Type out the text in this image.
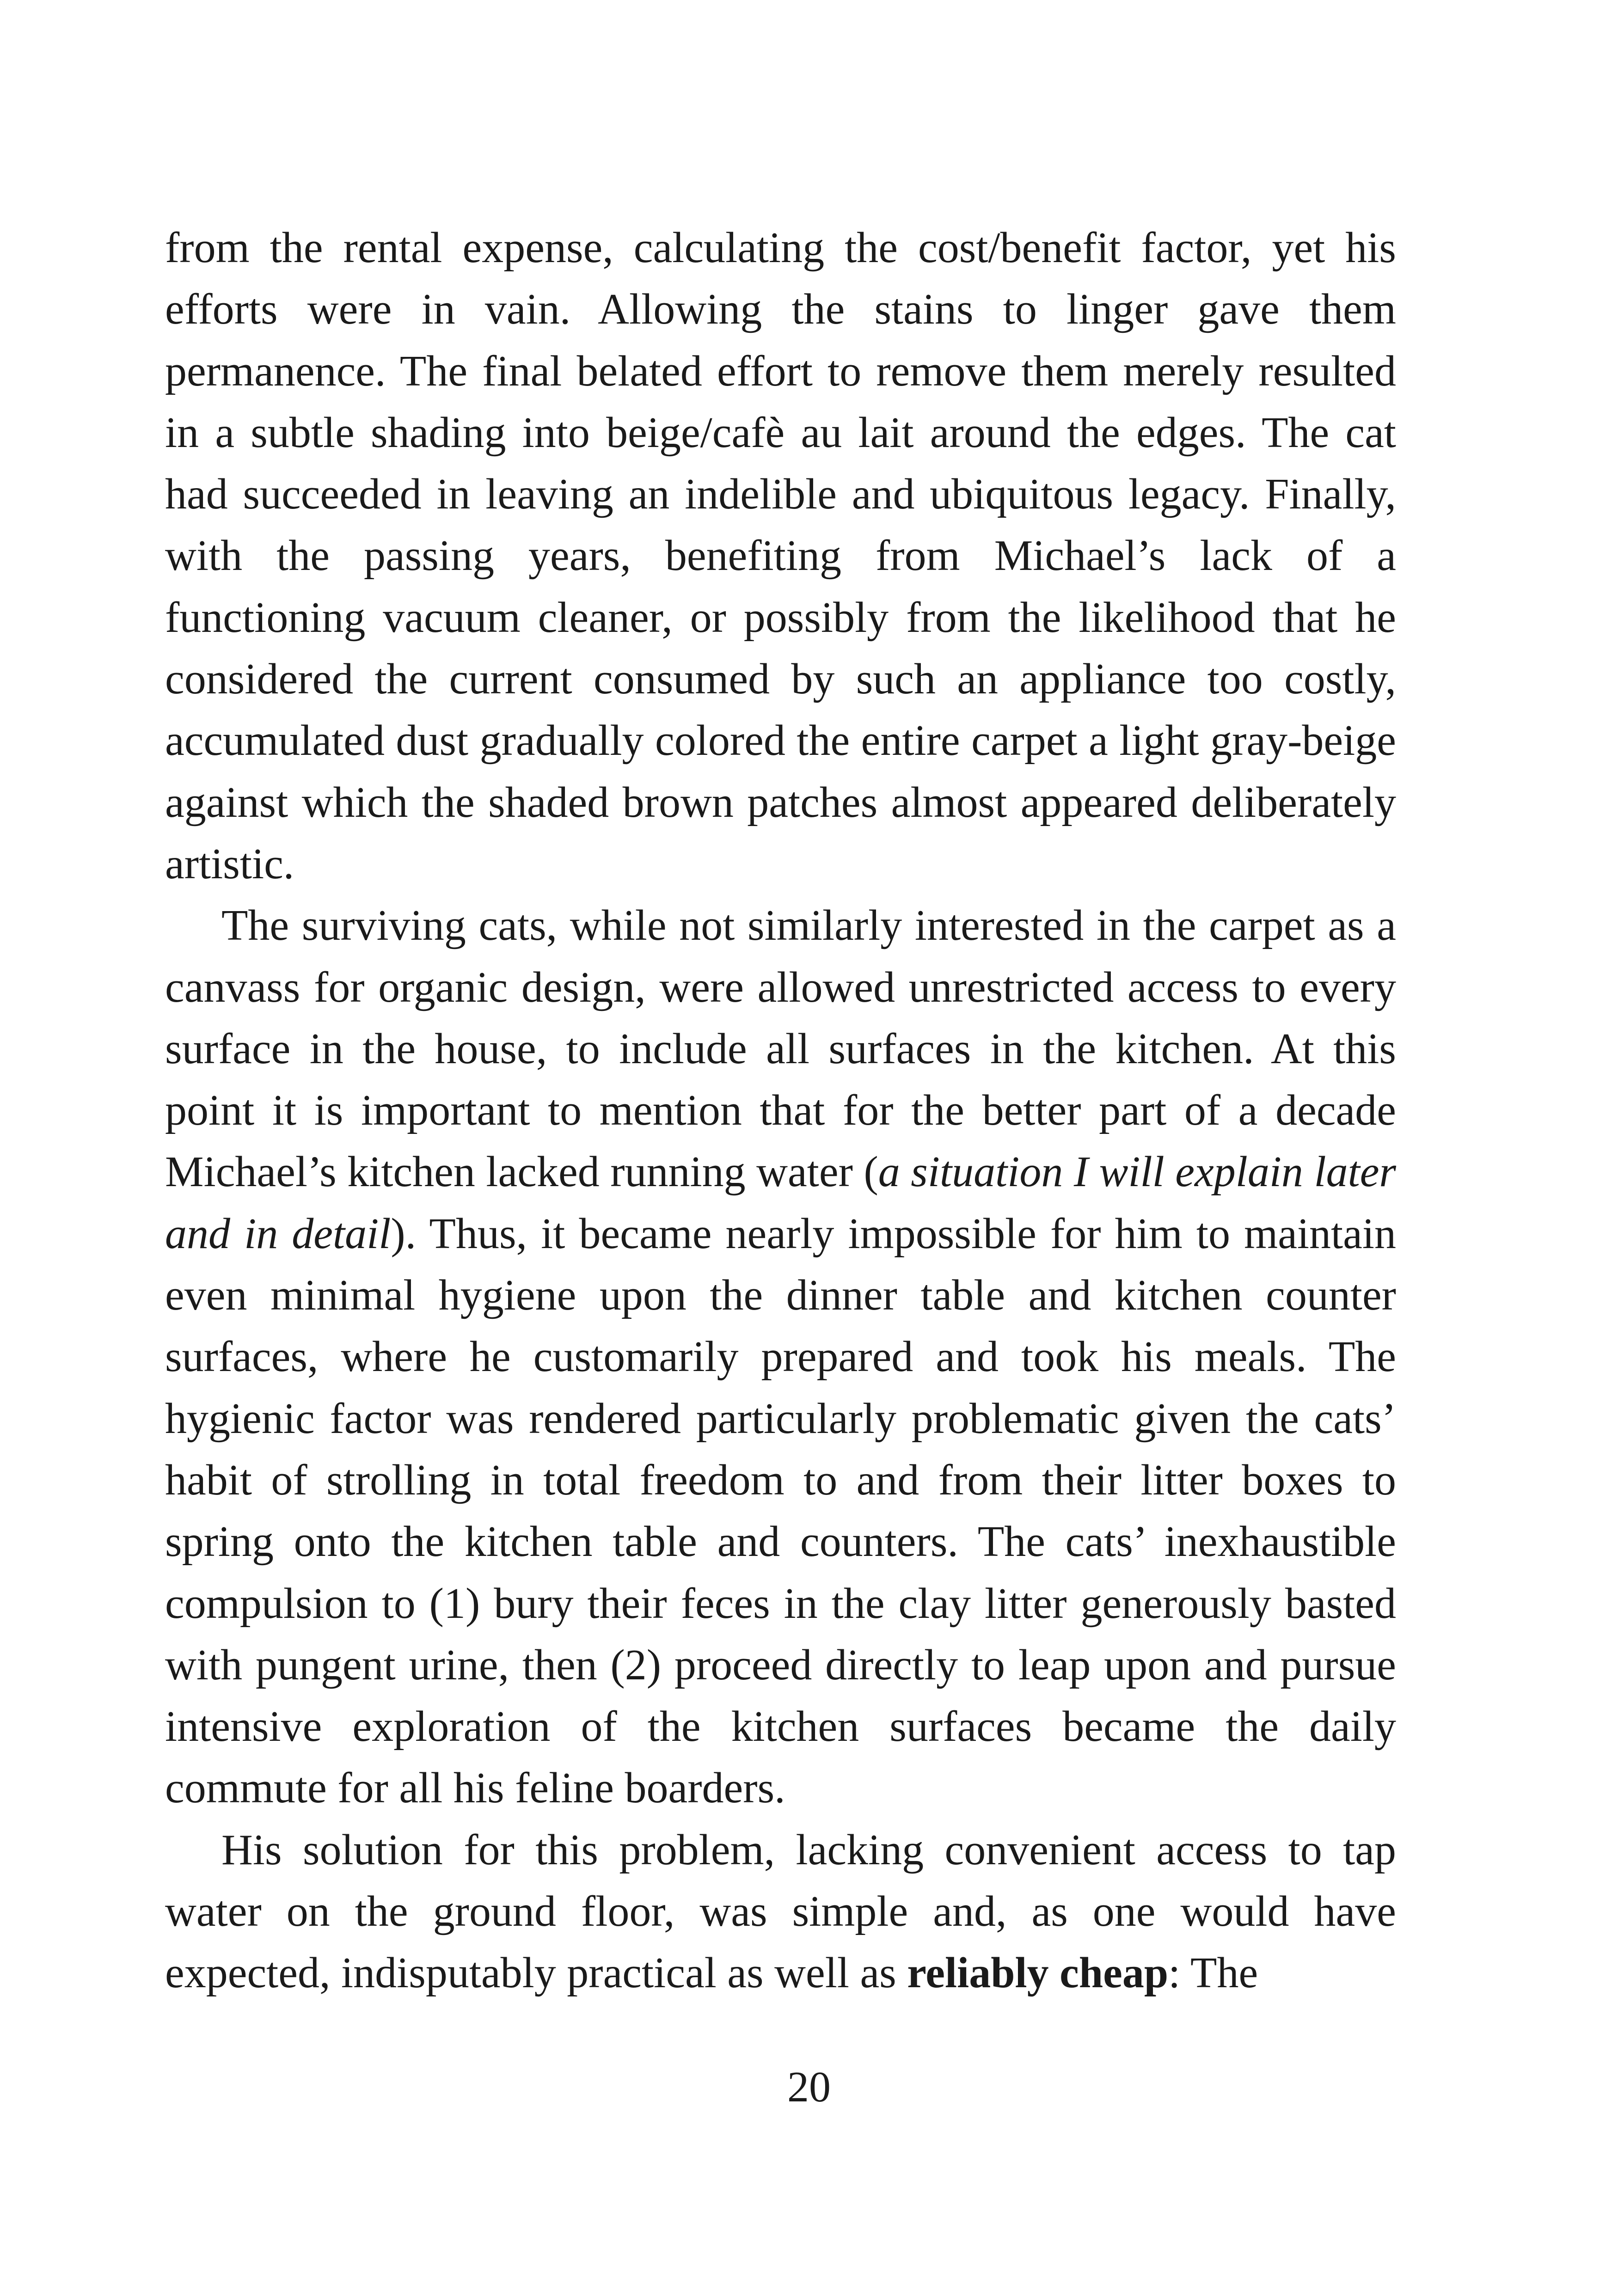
from the rental expense, calculating the cost/benefit factor, yet his efforts were in vain. Allowing the stains to linger gave them permanence. The final belated effort to remove them merely resulted in a subtle shading into beige/cafè au lait around the edges. The cat had succeeded in leaving an indelible and ubiquitous legacy. Finally, with the passing years, benefiting from Michael’s lack of a functioning vacuum cleaner, or possibly from the likelihood that he considered the current consumed by such an appliance too costly, accumulated dust gradually colored the entire carpet a light gray-beige against which the shaded brown patches almost appeared deliberately artistic.

The surviving cats, while not similarly interested in the carpet as a canvass for organic design, were allowed unrestricted access to every surface in the house, to include all surfaces in the kitchen. At this point it is important to mention that for the better part of a decade Michael’s kitchen lacked running water (a situation I will explain later and in detail). Thus, it became nearly impossible for him to maintain even minimal hygiene upon the dinner table and kitchen counter surfaces, where he customarily prepared and took his meals. The hygienic factor was rendered particularly problematic given the cats’ habit of strolling in total freedom to and from their litter boxes to spring onto the kitchen table and counters. The cats’ inexhaustible compulsion to (1) bury their feces in the clay litter generously basted with pungent urine, then (2) proceed directly to leap upon and pursue intensive exploration of the kitchen surfaces became the daily commute for all his feline boarders.

His solution for this problem, lacking convenient access to tap water on the ground floor, was simple and, as one would have expected, indisputably practical as well as reliably cheap: The

20
